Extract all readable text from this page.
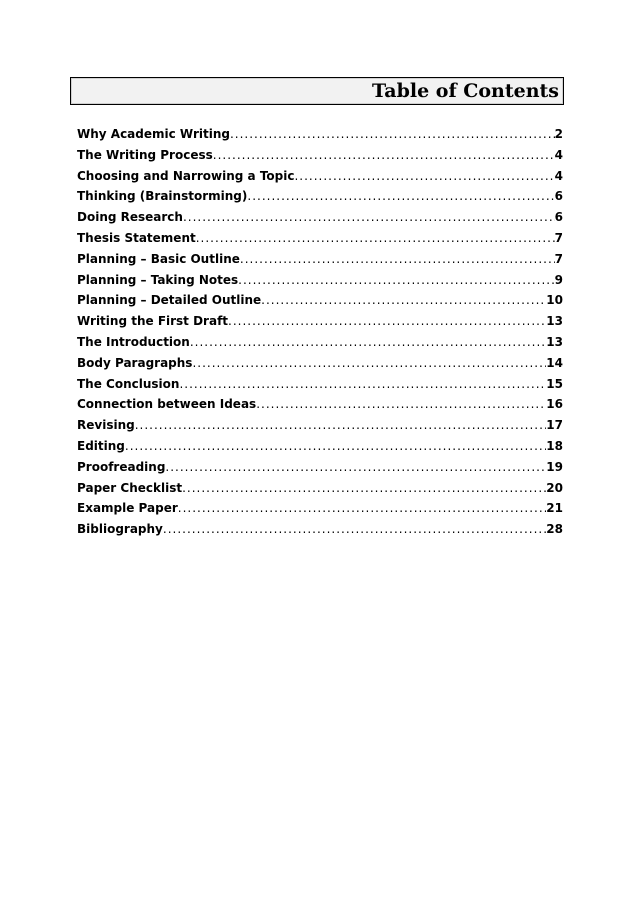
Table of Contents
Why Academic Writing .....	2
The Writing Process .....	4
Choosing and Narrowing a Topic .....	4
Thinking (Brainstorming) .....	6
Doing Research .....	6
Thesis Statement .....	7
Planning – Basic Outline .....	7
Planning – Taking Notes .....	9
Planning – Detailed Outline .....	10
Writing the First Draft .....	13
The Introduction .....	13
Body Paragraphs .....	14
The Conclusion .....	15
Connection between Ideas .....	16
Revising .....	17
Editing .....	18
Proofreading .....	19
Paper Checklist .....	20
Example Paper .....	21
Bibliography .....	28
